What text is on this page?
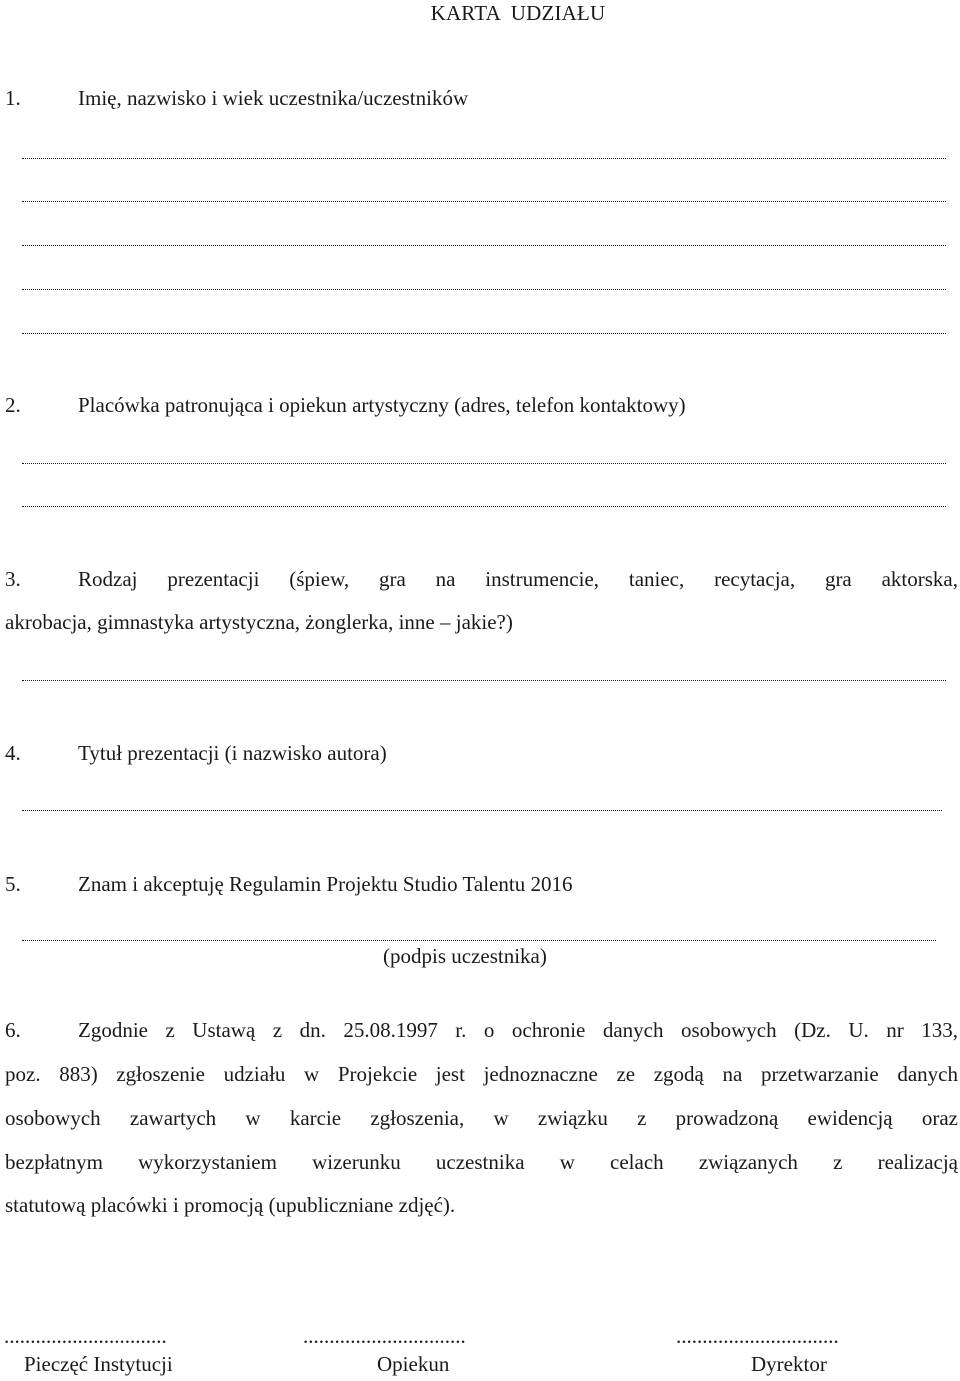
KARTA  UDZIAŁU
1.	Imię, nazwisko i wiek uczestnika/uczestników
2.	Placówka patronująca i opiekun artystyczny (adres, telefon kontaktowy)
3.	Rodzaj prezentacji (śpiew, gra na instrumencie, taniec, recytacja, gra aktorska,
akrobacja, gimnastyka artystyczna, żonglerka, inne – jakie?)
4.	Tytuł prezentacji (i nazwisko autora)
5.	Znam i akceptuję Regulamin Projektu Studio Talentu 2016
(podpis uczestnika)
6.	Zgodnie z Ustawą z dn. 25.08.1997 r. o ochronie danych osobowych (Dz. U. nr 133,
poz. 883) zgłoszenie udziału w Projekcie jest jednoznaczne ze zgodą na przetwarzanie danych
osobowych zawartych w karcie zgłoszenia, w związku z prowadzoną ewidencją oraz
bezpłatnym wykorzystaniem wizerunku uczestnika w celach związanych z realizacją
statutową placówki i promocją (upubliczniane zdjęć).
...............................	...............................	...............................
Pieczęć Instytucji	Opiekun	Dyrektor
